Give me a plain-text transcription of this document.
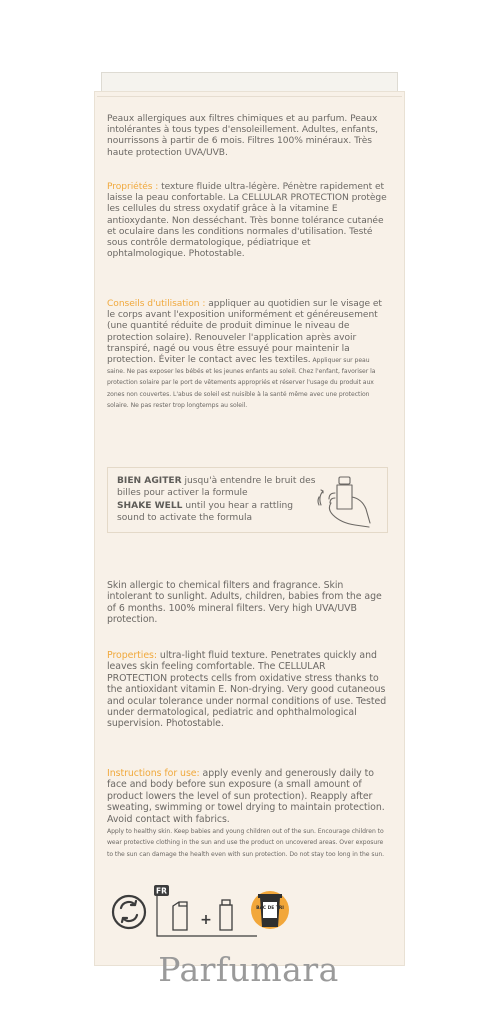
Peaux allergiques aux filtres chimiques et au parfum. Peaux intolérantes à tous types d'ensoleillement. Adultes, enfants, nourrissons à partir de 6 mois. Filtres 100% minéraux. Très haute protection UVA/UVB.
Propriétés : texture fluide ultra-légère. Pénètre rapidement et laisse la peau confortable. La CELLULAR PROTECTION protège les cellules du stress oxydatif grâce à la vitamine E antioxydante. Non desséchant. Très bonne tolérance cutanée et oculaire dans les conditions normales d'utilisation. Testé sous contrôle dermatologique, pédiatrique et ophtalmologique. Photostable.
Conseils d'utilisation : appliquer au quotidien sur le visage et le corps avant l'exposition uniformément et généreusement (une quantité réduite de produit diminue le niveau de protection solaire). Renouveler l'application après avoir transpiré, nagé ou vous être essuyé pour maintenir la protection. Éviter le contact avec les textiles. Appliquer sur peau saine. Ne pas exposer les bébés et les jeunes enfants au soleil. Chez l'enfant, favoriser la protection solaire par le port de vêtements appropriés et réserver l'usage du produit aux zones non couvertes. L'abus de soleil est nuisible à la santé même avec une protection solaire. Ne pas rester trop longtemps au soleil.
BIEN AGITER jusqu'à entendre le bruit des billes pour activer la formule
SHAKE WELL until you hear a rattling sound to activate the formula
Skin allergic to chemical filters and fragrance. Skin intolerant to sunlight. Adults, children, babies from the age of 6 months. 100% mineral filters. Very high UVA/UVB protection.
Properties: ultra-light fluid texture. Penetrates quickly and leaves skin feeling comfortable. The CELLULAR PROTECTION protects cells from oxidative stress thanks to the antioxidant vitamin E. Non-drying. Very good cutaneous and ocular tolerance under normal conditions of use. Tested under dermatological, pediatric and ophthalmological supervision. Photostable.
Instructions for use: apply evenly and generously daily to face and body before sun exposure (a small amount of product lowers the level of sun protection). Reapply after sweating, swimming or towel drying to maintain protection. Avoid contact with fabrics.
Apply to healthy skin. Keep babies and young children out of the sun. Encourage children to wear protective clothing in the sun and use the product on uncovered areas. Over exposure to the sun can damage the health even with sun protection. Do not stay too long in the sun.
FR
+
BAC DE TRI
Parfumara
